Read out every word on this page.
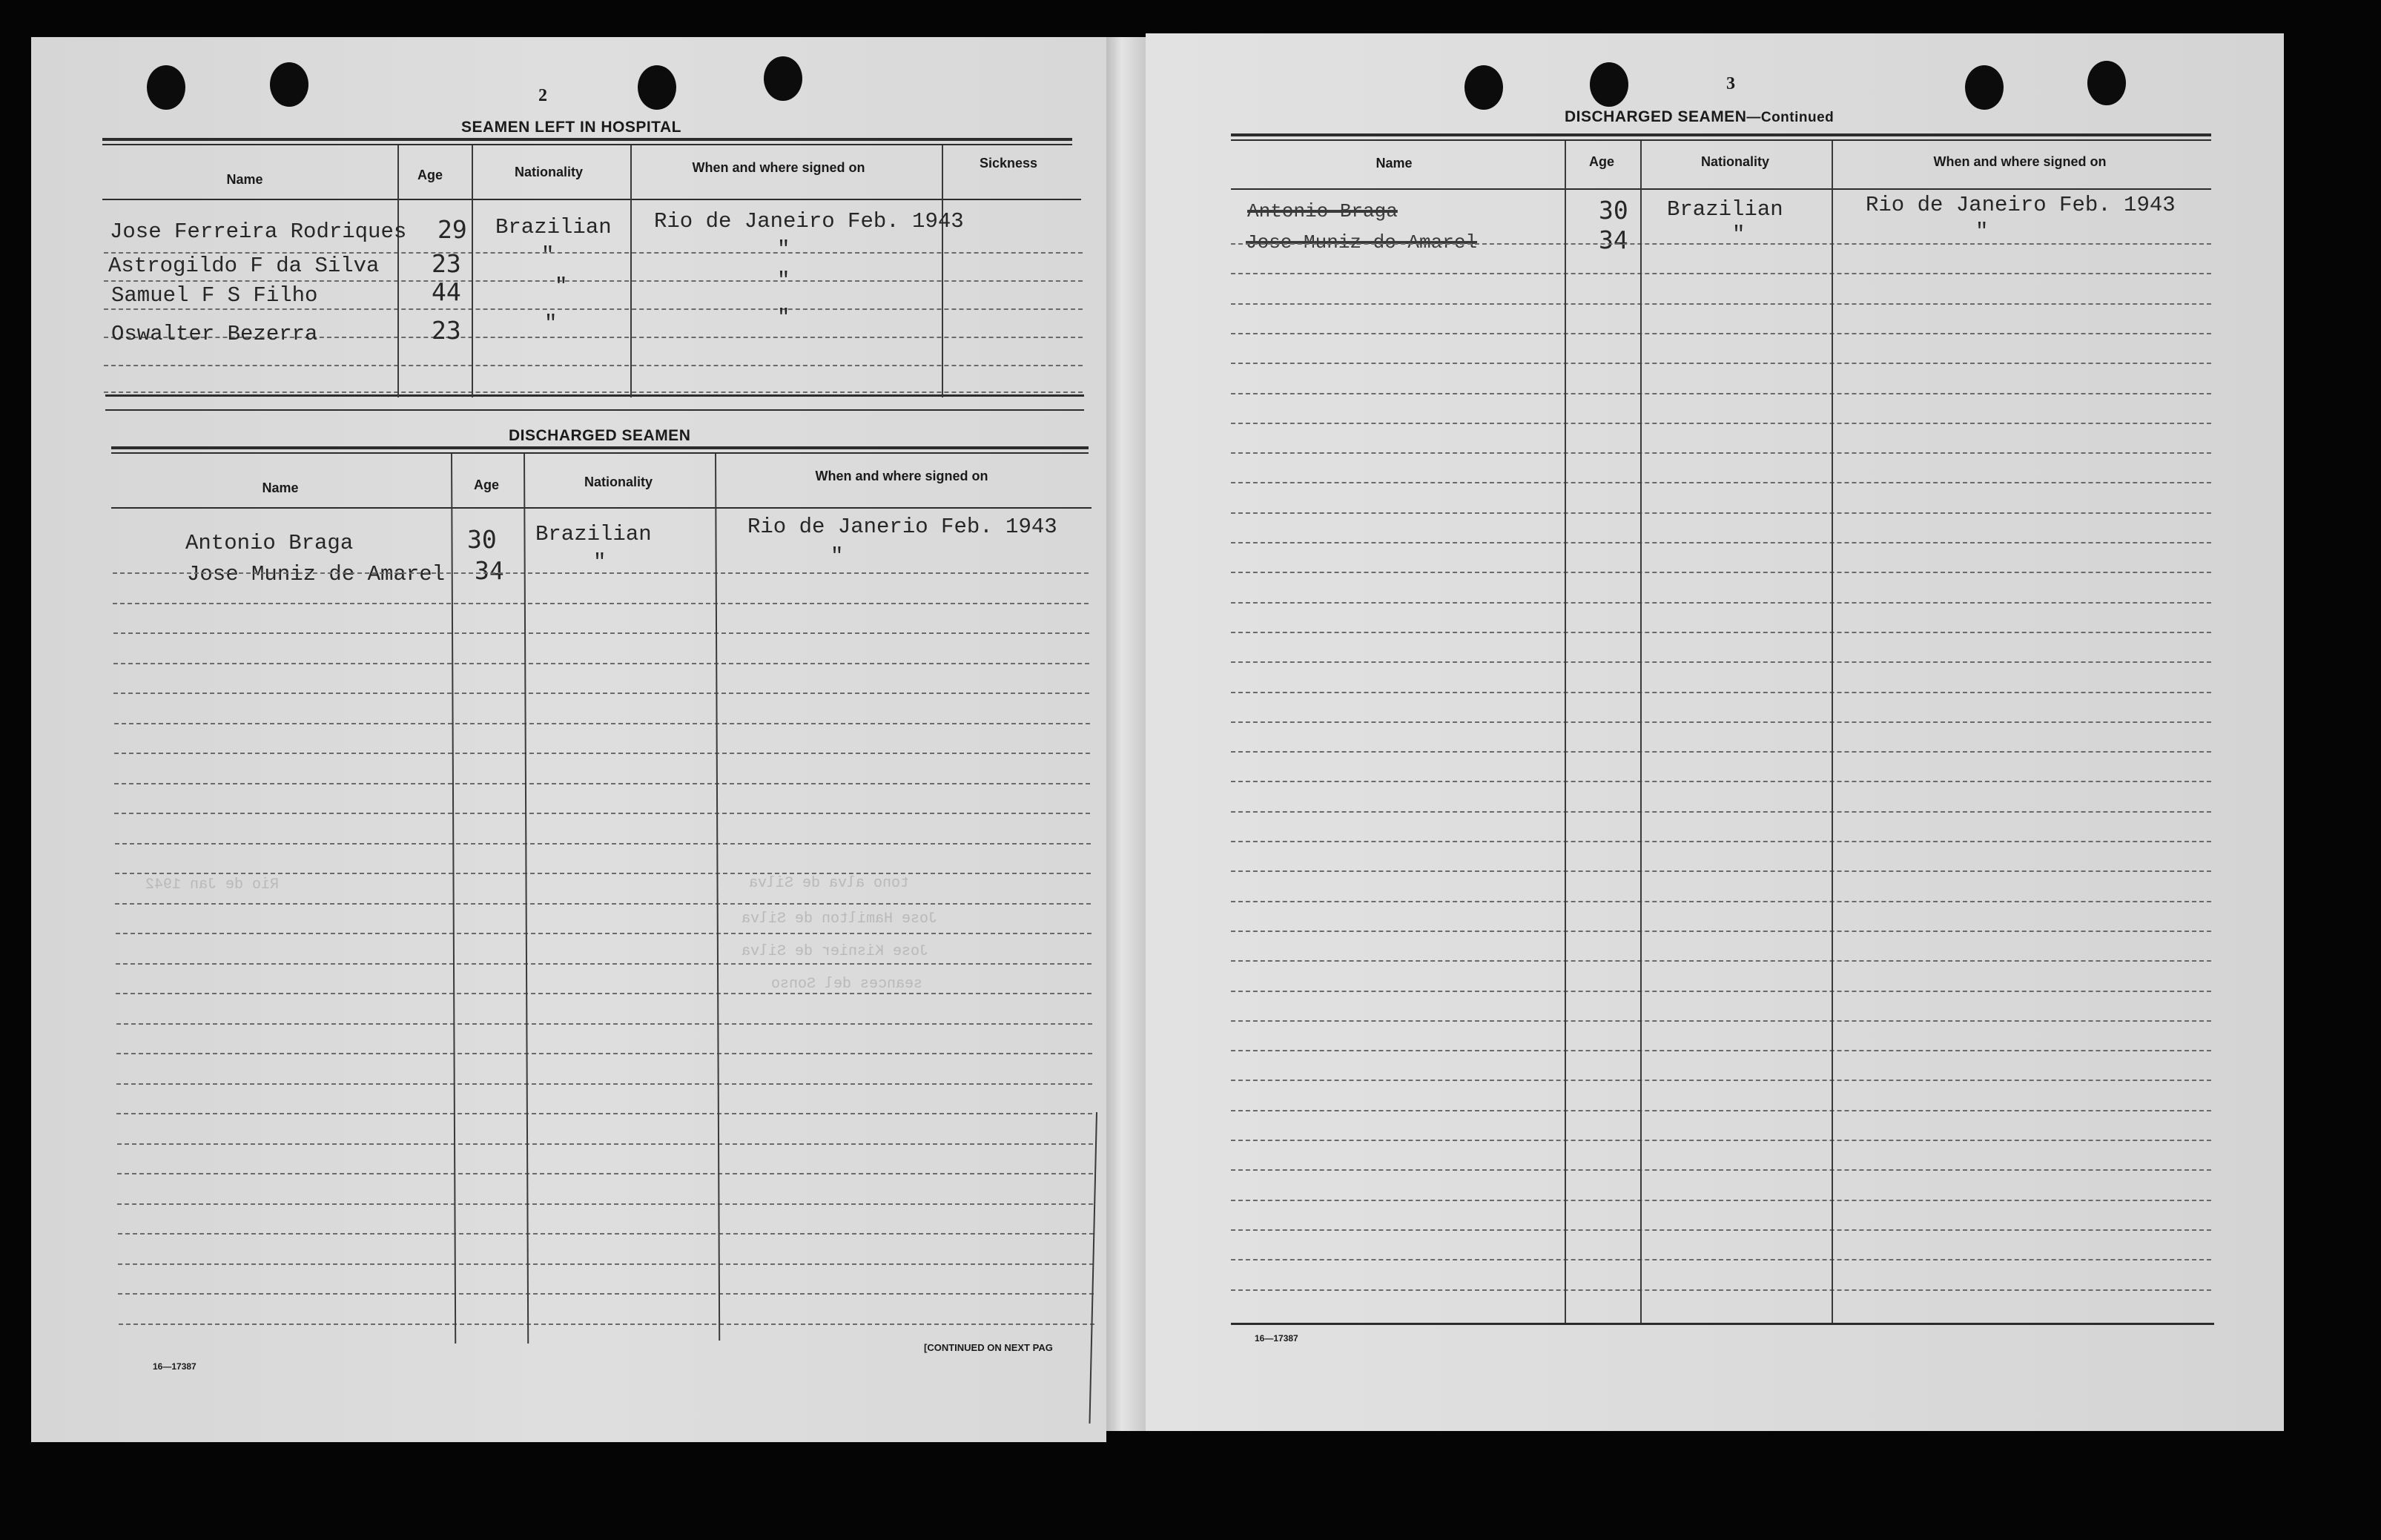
2
SEAMEN LEFT IN HOSPITAL
Name	Age	Nationality	When and where signed on	Sickness
Jose Ferreira Rodriques 29 Brazilian Rio de Janeiro Feb. 1943
Astrogildo F da Silva 23	"	"
Samuel F S Filho	44	"	"
Oswalter Bezerra	23	"	"
DISCHARGED SEAMEN
Name	Age	Nationality	When and where signed on
Antonio Braga	30 Brazilian	Rio de Janerio Feb. 1943
Jose Muniz de Amarel 34	"	"
16—17387
[CONTINUED ON NEXT PAG
tono alva de Silva
Jose Hamilton de Silva
Jose Kisnier de Silva
seances del Sonso
Rio de Jan 1942
3
DISCHARGED SEAMEN—Continued
Name	Age	Nationality	When and where signed on
Antonio Braga	30 Brazilian	Rio de Janeiro Feb. 1943
Jose Muniz do Amarel	34	"	"
16—17387
